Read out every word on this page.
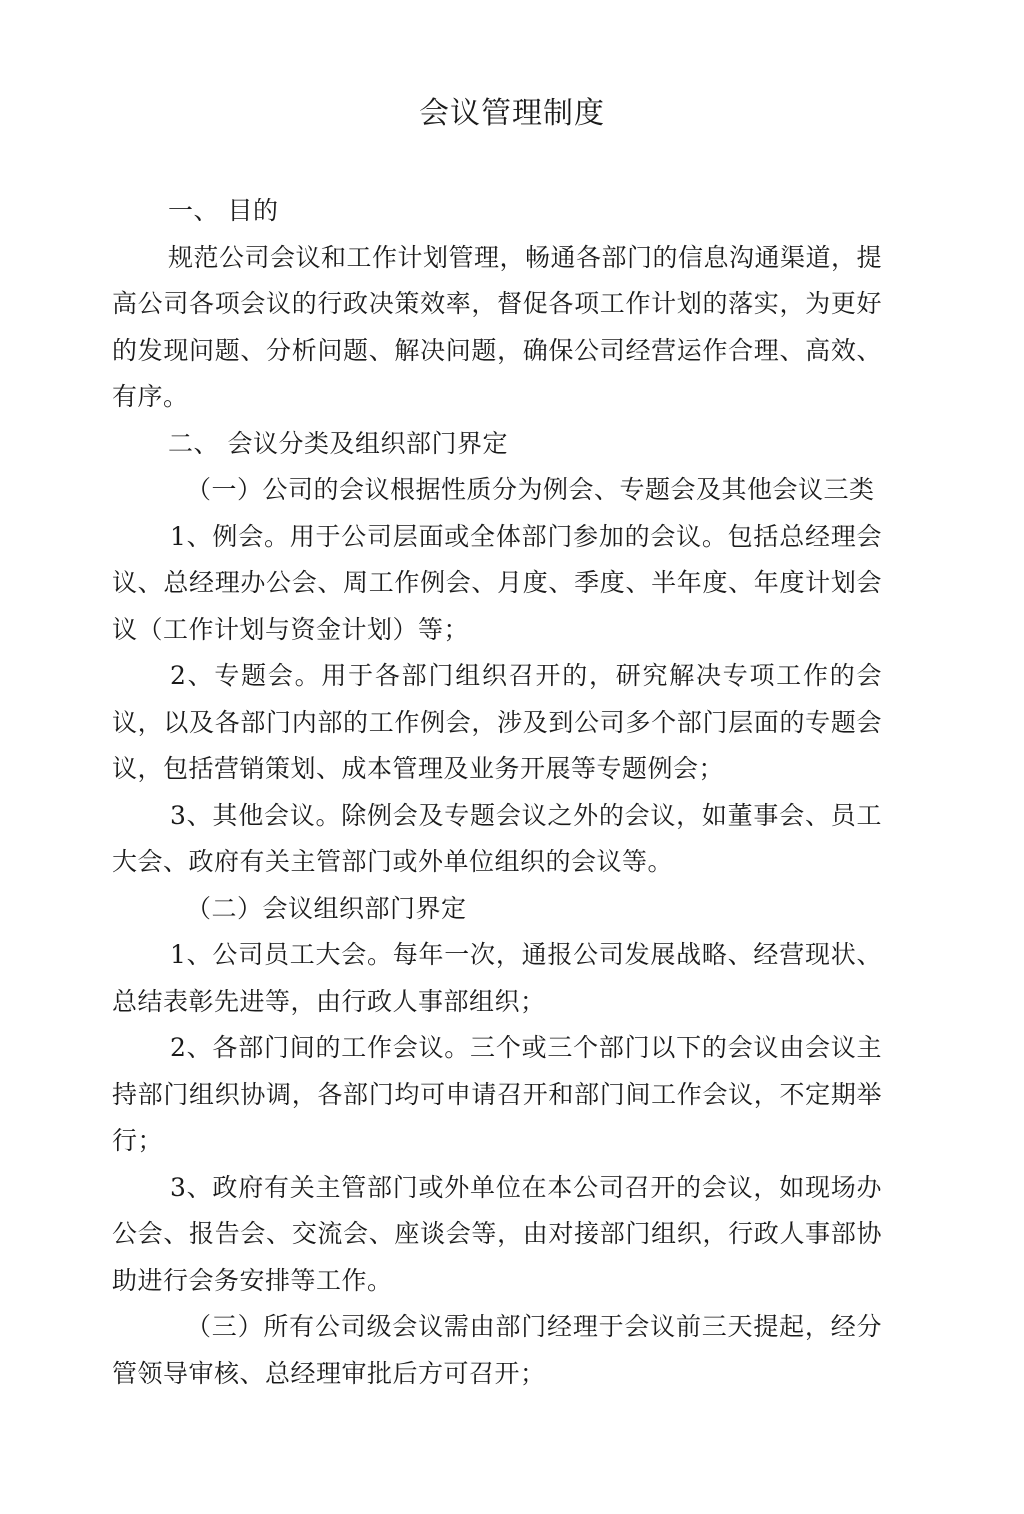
会议管理制度

一、 目的

规范公司会议和工作计划管理，畅通各部门的信息沟通渠道，提高公司各项会议的行政决策效率，督促各项工作计划的落实，为更好的发现问题、分析问题、解决问题，确保公司经营运作合理、高效、有序。

二、 会议分类及组织部门界定

（一）公司的会议根据性质分为例会、专题会及其他会议三类

1、例会。用于公司层面或全体部门参加的会议。包括总经理会议、总经理办公会、周工作例会、月度、季度、半年度、年度计划会议（工作计划与资金计划）等；

2、专题会。用于各部门组织召开的，研究解决专项工作的会议，以及各部门内部的工作例会，涉及到公司多个部门层面的专题会议，包括营销策划、成本管理及业务开展等专题例会；

3、其他会议。除例会及专题会议之外的会议，如董事会、员工大会、政府有关主管部门或外单位组织的会议等。

（二）会议组织部门界定

1、公司员工大会。每年一次，通报公司发展战略、经营现状、总结表彰先进等，由行政人事部组织；

2、各部门间的工作会议。三个或三个部门以下的会议由会议主持部门组织协调，各部门均可申请召开和部门间工作会议，不定期举行；

3、政府有关主管部门或外单位在本公司召开的会议，如现场办公会、报告会、交流会、座谈会等，由对接部门组织，行政人事部协助进行会务安排等工作。

（三）所有公司级会议需由部门经理于会议前三天提起，经分管领导审核、总经理审批后方可召开；
